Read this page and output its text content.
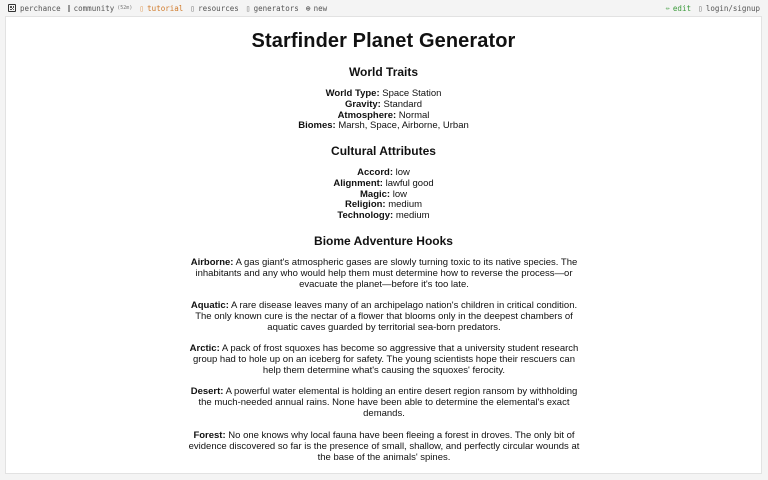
perchance community (52m) ▯ tutorial ▯ resources ▯ generators ⊕ new	✏ edit ▯ login/signup
Starfinder Planet Generator
World Traits
World Type: Space Station
Gravity: Standard
Atmosphere: Normal
Biomes: Marsh, Space, Airborne, Urban
Cultural Attributes
Accord: low
Alignment: lawful good
Magic: low
Religion: medium
Technology: medium
Biome Adventure Hooks
Airborne: A gas giant's atmospheric gases are slowly turning toxic to its native species. The inhabitants and any who would help them must determine how to reverse the process—or evacuate the planet—before it's too late.
Aquatic: A rare disease leaves many of an archipelago nation's children in critical condition. The only known cure is the nectar of a flower that blooms only in the deepest chambers of aquatic caves guarded by territorial sea-born predators.
Arctic: A pack of frost squoxes has become so aggressive that a university student research group had to hole up on an iceberg for safety. The young scientists hope their rescuers can help them determine what's causing the squoxes' ferocity.
Desert: A powerful water elemental is holding an entire desert region ransom by withholding the much-needed annual rains. None have been able to determine the elemental's exact demands.
Forest: No one knows why local fauna have been fleeing a forest in droves. The only bit of evidence discovered so far is the presence of small, shallow, and perfectly circular wounds at the base of the animals' spines.
